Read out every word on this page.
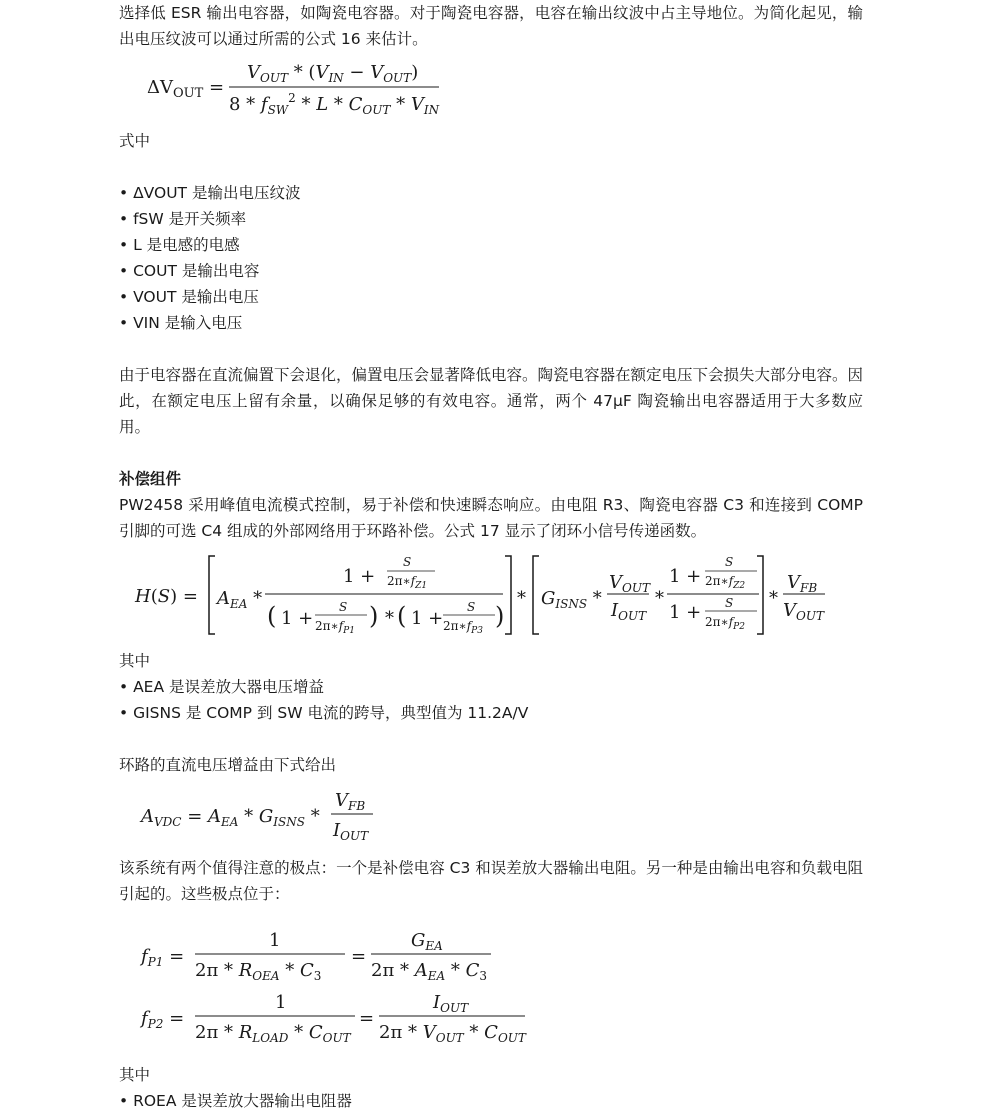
选择低 ESR 输出电容器，如陶瓷电容器。对于陶瓷电容器，电容在输出纹波中占主导地位。为简化起见，输出电压纹波可以通过所需的公式 16 来估计。

$\Delta V_{OUT}$ =
$V_{OUT} * (V_{IN} - V_{OUT})$
$8 * f_{SW}^2$ * L * $C_{OUT} * V_{IN}$

式中

• ΔVOUT 是输出电压纹波
• fSW 是开关频率
• L 是电感的电感
• COUT 是输出电容
• VOUT 是输出电压
• VIN 是输入电压

由于电容器在直流偏置下会退化，偏置电压会显著降低电容。陶瓷电容器在额定电压下会损失大部分电容。因此，在额定电压上留有余量，以确保足够的有效电容。通常，两个 47µF 陶瓷输出电容器适用于大多数应用。

补偿组件

PW2458 采用峰值电流模式控制，易于补偿和快速瞬态响应。由电阻 R3、陶瓷电容器 C3 和连接到 COMP 引脚的可选 C4 组成的外部网络用于环路补偿。公式 17 显示了闭环小信号传递函数。

$H(S) = A_{EA}$ *
1 +
S
$2\pi∗f_{Z1}$
( 1 +
S
$2\pi∗f_{P1}$
) * ( 1 +
S
$2\pi∗f_{P3}$
)
* $G_{ISNS}$ *
$V_{OUT}$
$I_{OUT}$
*
1 +
S
$2\pi∗f_{Z2}$
1 + S
$2\pi∗f_{P2}$
*
$V_{FB}$
$V_{OUT}$

其中

• AEA 是误差放大器电压增益
• GISNS 是 COMP 到 SW 电流的跨导，典型值为 11.2A/V

环路的直流电压增益由下式给出

$A_{VDC} = A_{EA} * G_{ISNS}$ *
$V_{FB}$
$I_{OUT}$

该系统有两个值得注意的极点：一个是补偿电容 C3 和误差放大器输出电阻。另一种是由输出电容和负载电阻引起的。这些极点位于：

$f_{P1}$ =
1
$2\pi * R_{OEA} * C_3$
=
$G_{EA}$
$2\pi * A_{EA} * C_3$
$f_{P2}$ =
1
$2\pi * R_{LOAD} * C_{OUT}$
=
$I_{OUT}$
$2\pi * V_{OUT} * C_{OUT}$

其中

• ROEA 是误差放大器输出电阻器
